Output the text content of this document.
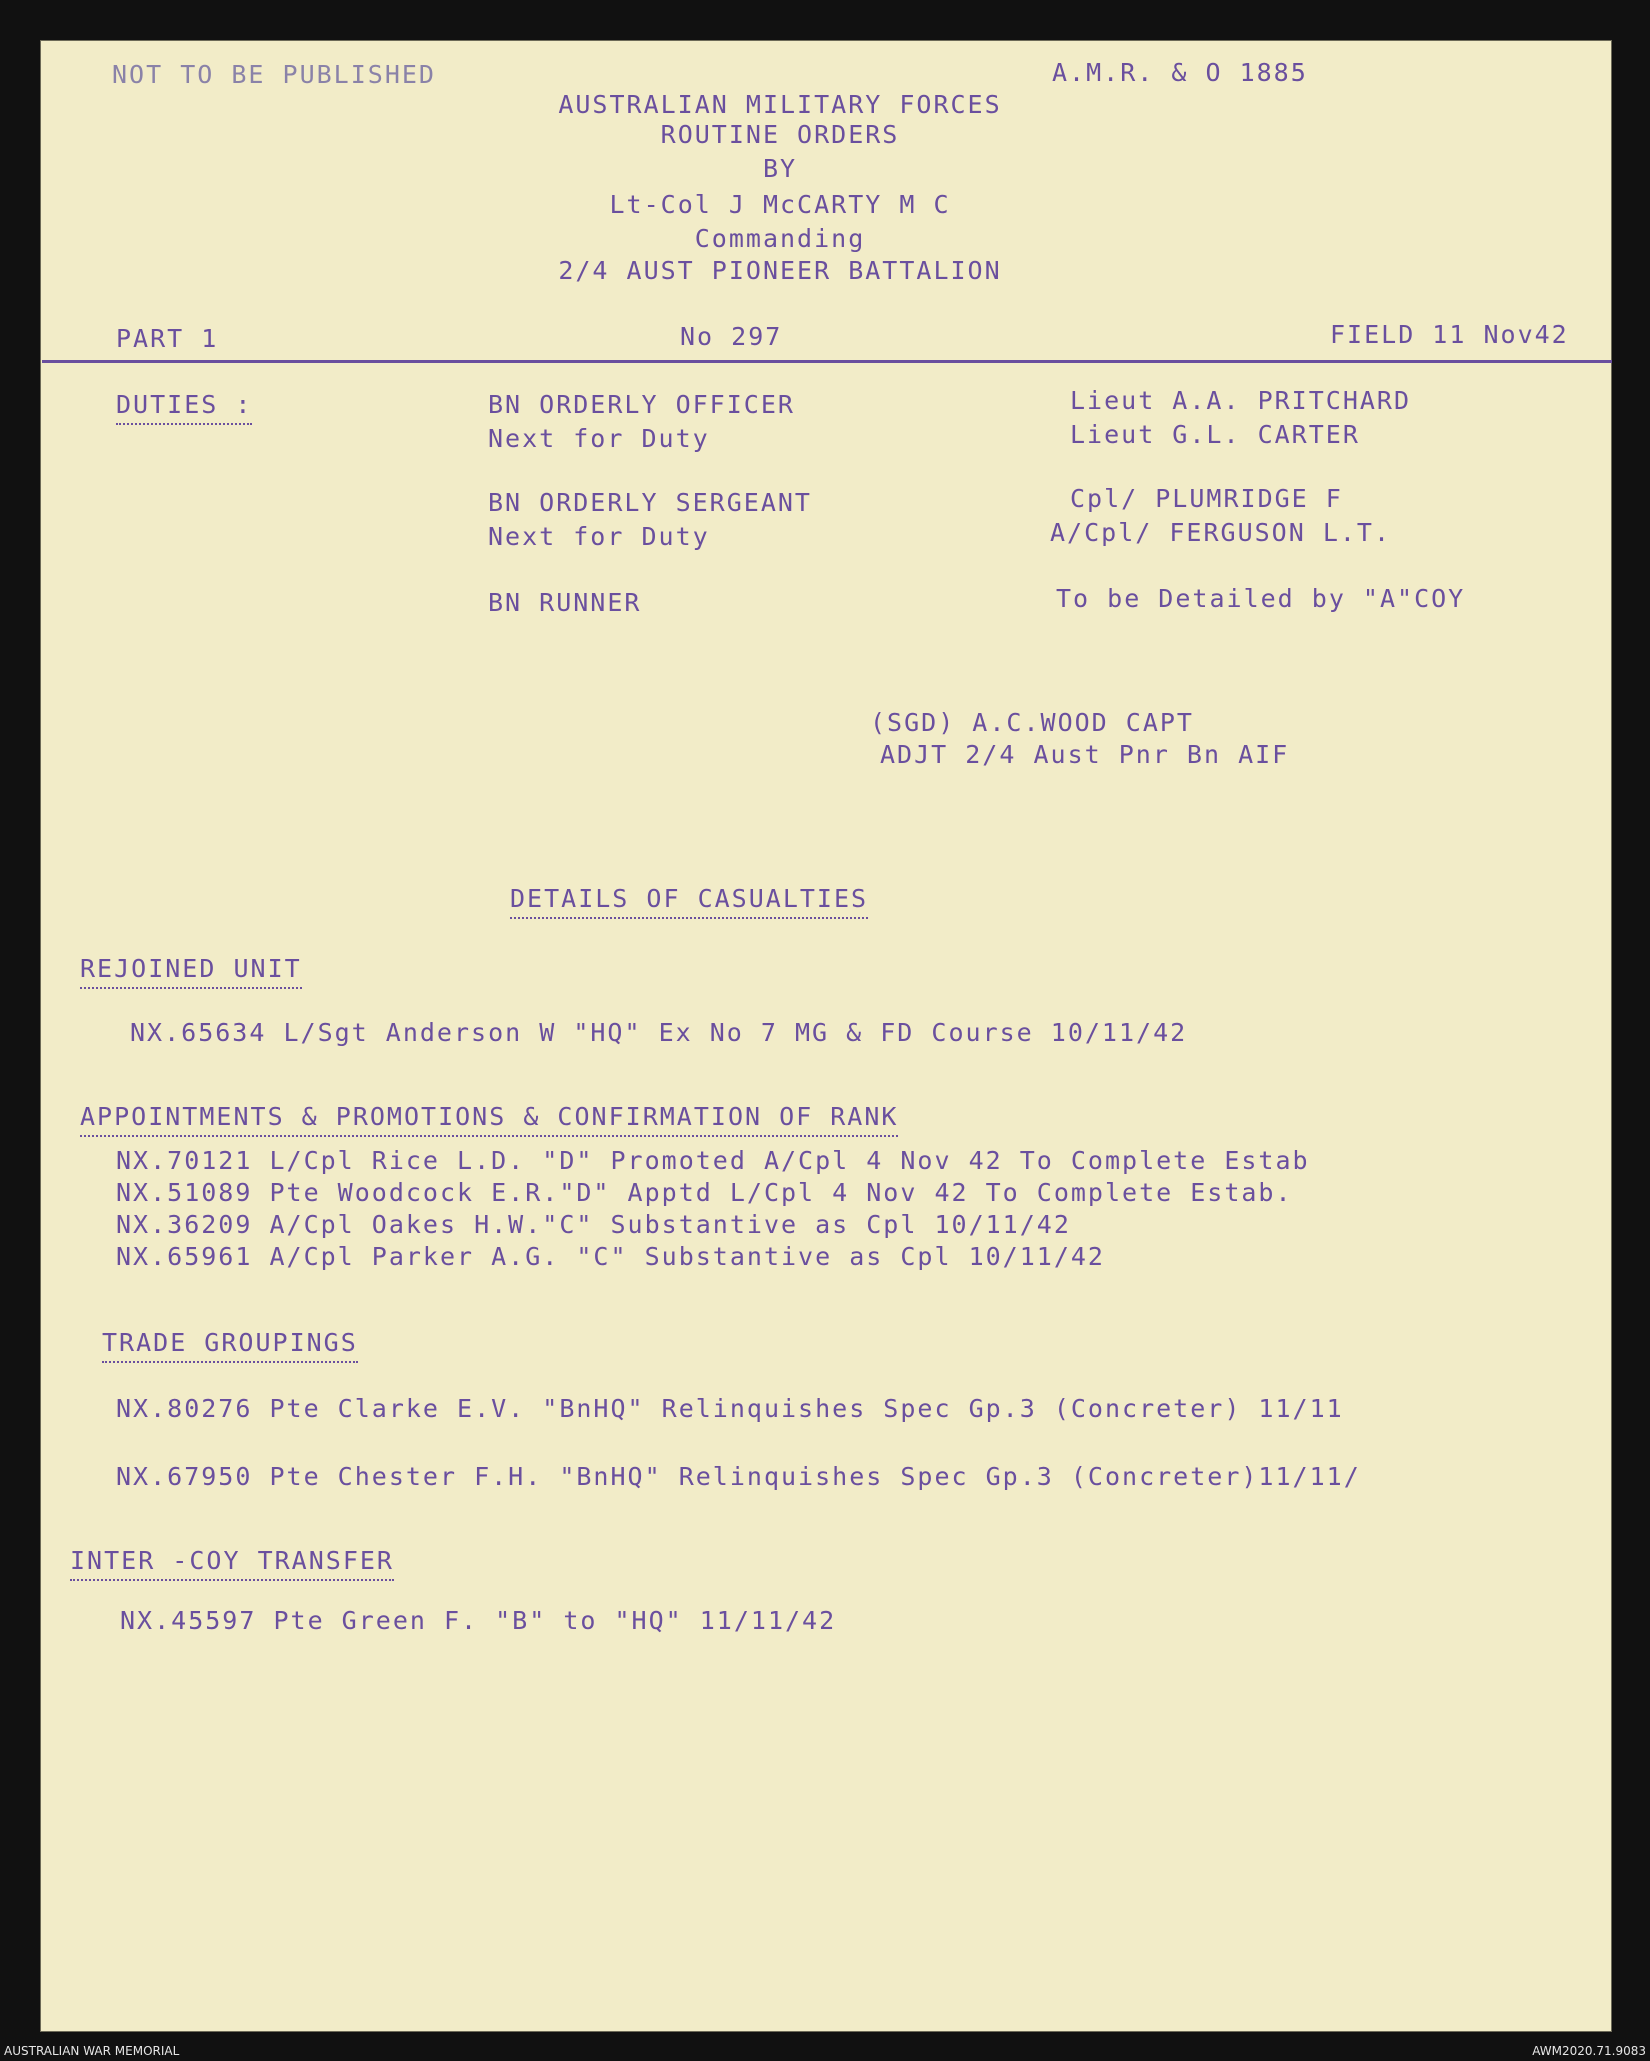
NOT TO BE PUBLISHED	A.M.R. & O 1885
AUSTRALIAN MILITARY FORCES
ROUTINE ORDERS
BY
Lt-Col J McCARTY M C
Commanding
2/4 AUST PIONEER BATTALION
PART 1	No 297	FIELD 11 Nov42
DUTIES :	BN ORDERLY OFFICER	Lieut A.A. PRITCHARD
Next for Duty	Lieut G.L. CARTER
BN ORDERLY SERGEANT	Cpl/ PLUMRIDGE F
Next for Duty	A/Cpl/ FERGUSON L.T.
BN RUNNER	To be Detailed by "A"COY
(SGD) A.C.WOOD CAPT
ADJT 2/4 Aust Pnr Bn AIF
DETAILS OF CASUALTIES
REJOINED UNIT
NX.65634 L/Sgt Anderson W "HQ" Ex No 7 MG & FD Course 10/11/42
APPOINTMENTS & PROMOTIONS & CONFIRMATION OF RANK
NX.70121 L/Cpl Rice L.D. "D" Promoted A/Cpl 4 Nov 42 To Complete Estab
NX.51089 Pte Woodcock E.R."D" Apptd L/Cpl 4 Nov 42 To Complete Estab.
NX.36209 A/Cpl Oakes H.W."C" Substantive as Cpl 10/11/42
NX.65961 A/Cpl Parker A.G. "C" Substantive as Cpl 10/11/42
TRADE GROUPINGS
NX.80276 Pte Clarke E.V. "BnHQ" Relinquishes Spec Gp.3 (Concreter) 11/11
NX.67950 Pte Chester F.H. "BnHQ" Relinquishes Spec Gp.3 (Concreter)11/11/
INTER -COY TRANSFER
NX.45597 Pte Green F. "B" to "HQ" 11/11/42
AUSTRALIAN WAR MEMORIAL	AWM2020.71.9083
